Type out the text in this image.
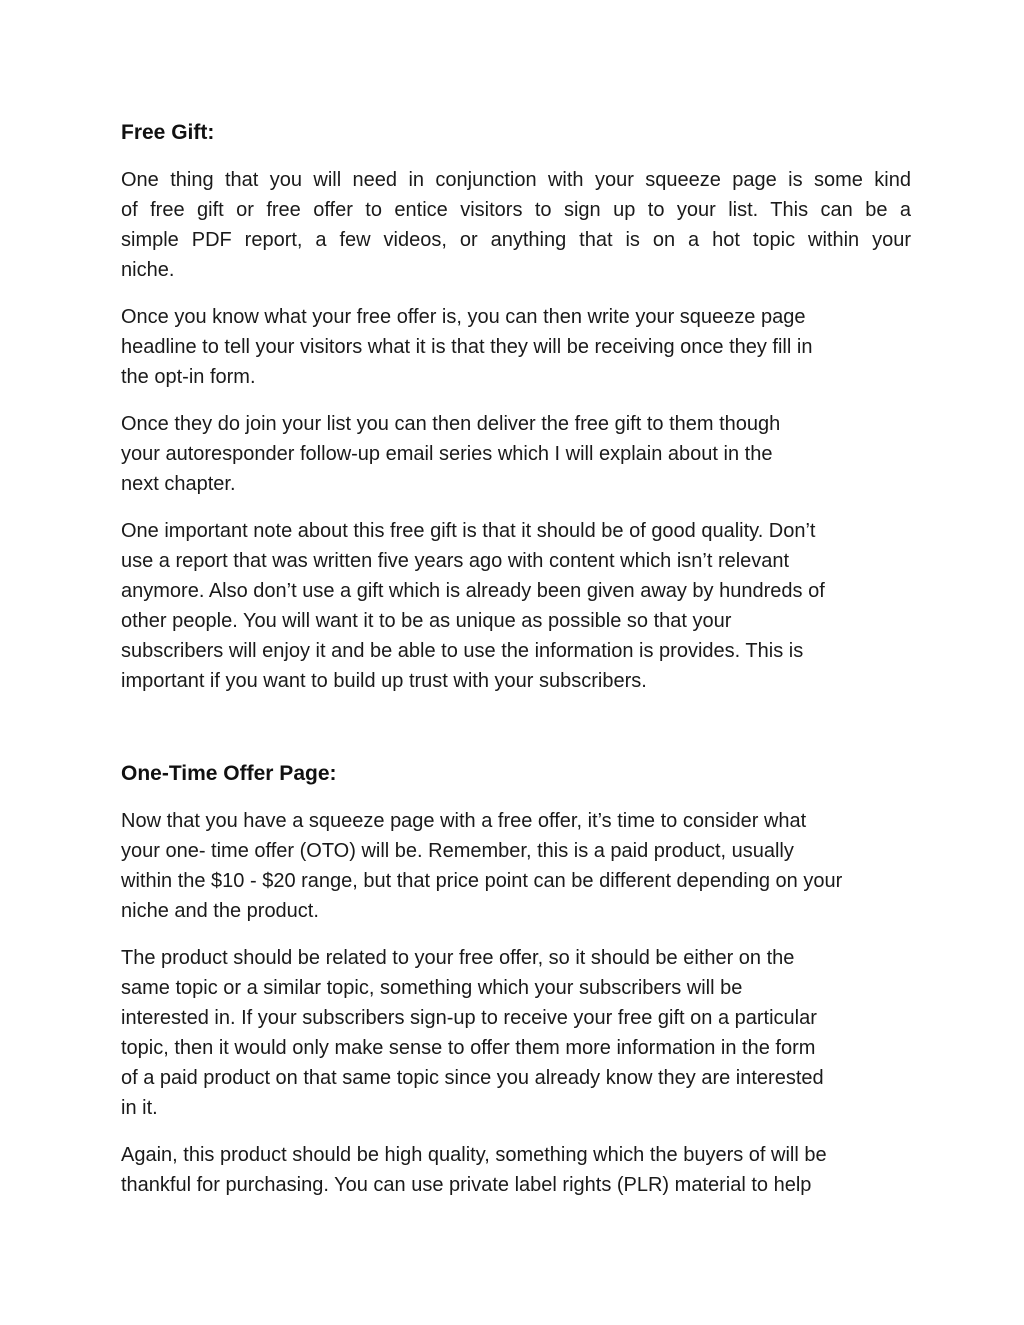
Free Gift:

One thing that you will need in conjunction with your squeeze page is some kind
of free gift or free offer to entice visitors to sign up to your list. This can be a
simple PDF report, a few videos, or anything that is on a hot topic within your
niche.

Once you know what your free offer is, you can then write your squeeze page
headline to tell your visitors what it is that they will be receiving once they fill in
the opt-in form.

Once they do join your list you can then deliver the free gift to them though
your autoresponder follow-up email series which I will explain about in the
next chapter.

One important note about this free gift is that it should be of good quality. Don’t
use a report that was written five years ago with content which isn’t relevant
anymore. Also don’t use a gift which is already been given away by hundreds of
other people. You will want it to be as unique as possible so that your
subscribers will enjoy it and be able to use the information is provides. This is
important if you want to build up trust with your subscribers.

One-Time Offer Page:

Now that you have a squeeze page with a free offer, it’s time to consider what
your one- time offer (OTO) will be. Remember, this is a paid product, usually
within the $10 - $20 range, but that price point can be different depending on your
niche and the product.

The product should be related to your free offer, so it should be either on the
same topic or a similar topic, something which your subscribers will be
interested in. If your subscribers sign-up to receive your free gift on a particular
topic, then it would only make sense to offer them more information in the form
of a paid product on that same topic since you already know they are interested
in it.

Again, this product should be high quality, something which the buyers of will be
thankful for purchasing. You can use private label rights (PLR) material to help
